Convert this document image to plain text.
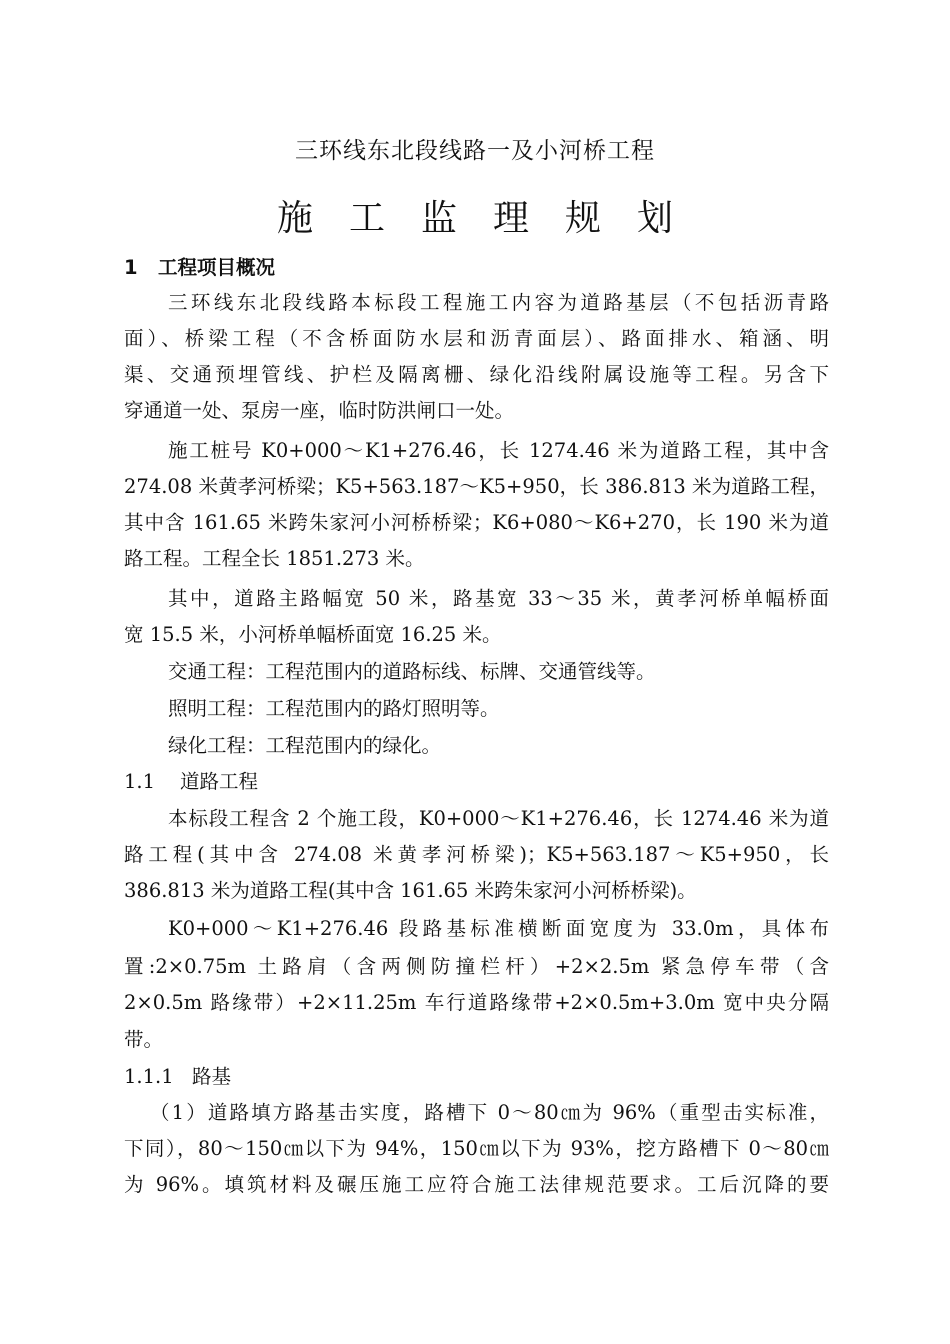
三环线东北段线路一及小河桥工程
施工监理规划
1 工程项目概况
三环线东北段线路本标段工程施工内容为道路基层（不包括沥青路
面）、桥梁工程（不含桥面防水层和沥青面层）、路面排水、箱涵、明
渠、交通预埋管线、护栏及隔离栅、绿化沿线附属设施等工程。另含下
穿通道一处、泵房一座，临时防洪闸口一处。
施工桩号 K0+000～K1+276.46，长 1274.46 米为道路工程，其中含
274.08 米黄孝河桥梁；K5+563.187～K5+950，长 386.813 米为道路工程，
其中含 161.65 米跨朱家河小河桥桥梁；K6+080～K6+270，长 190 米为道
路工程。工程全长 1851.273 米。
其中，道路主路幅宽 50 米，路基宽 33～35 米，黄孝河桥单幅桥面
宽 15.5 米，小河桥单幅桥面宽 16.25 米。
交通工程：工程范围内的道路标线、标牌、交通管线等。
照明工程：工程范围内的路灯照明等。
绿化工程：工程范围内的绿化。
1.1 道路工程
本标段工程含 2 个施工段，K0+000～K1+276.46，长 1274.46 米为道
路工程(其中含 274.08 米黄孝河桥梁)；K5+563.187～K5+950，长
386.813 米为道路工程(其中含 161.65 米跨朱家河小河桥桥梁)。
K0+000～K1+276.46 段路基标准横断面宽度为 33.0m，具体布
置:2×0.75m 土路肩（含两侧防撞栏杆）+2×2.5m 紧急停车带（含
2×0.5m 路缘带）+2×11.25m 车行道路缘带+2×0.5m+3.0m 宽中央分隔
带。
1.1.1 路基
（1）道路填方路基击实度，路槽下 0～80㎝为 96%（重型击实标准，
下同），80～150㎝以下为 94%，150㎝以下为 93%，挖方路槽下 0～80㎝
为 96%。填筑材料及碾压施工应符合施工法律规范要求。工后沉降的要
